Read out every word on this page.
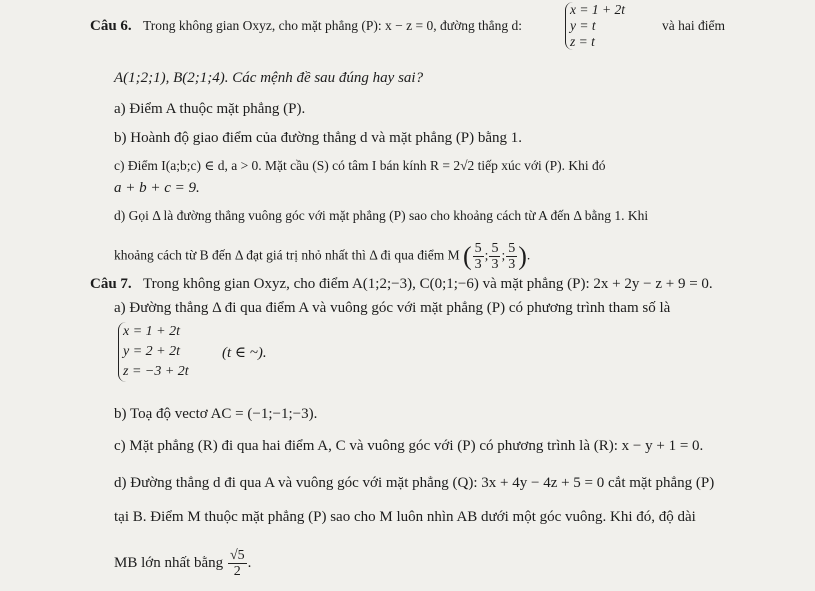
Câu 6. Trong không gian Oxyz, cho mặt phẳng (P): x − z = 0, đường thẳng d:
x = 1 + 2t
y = t
z = t
và hai điểm
A(1;2;1), B(2;1;4). Các mệnh đề sau đúng hay sai?
a) Điểm A thuộc mặt phẳng (P).
b) Hoành độ giao điểm của đường thẳng d và mặt phẳng (P) bằng 1.
c) Điểm I(a;b;c) ∈ d, a > 0. Mặt cầu (S) có tâm I bán kính R = 2√2 tiếp xúc với (P). Khi đó
a + b + c = 9.
d) Gọi Δ là đường thẳng vuông góc với mặt phẳng (P) sao cho khoảng cách từ A đến Δ bằng 1. Khi
khoảng cách từ B đến Δ đạt giá trị nhỏ nhất thì Δ đi qua điểm M ( $\frac{5}{3}$ ; $\frac{5}{3}$ ; $\frac{5}{3}$ ).
Câu 7. Trong không gian Oxyz, cho điểm A(1;2;−3), C(0;1;−6) và mặt phẳng (P): 2x + 2y − z + 9 = 0.
a) Đường thẳng Δ đi qua điểm A và vuông góc với mặt phẳng (P) có phương trình tham số là
x = 1 + 2t
y = 2 + 2t
z = −3 + 2t
(t ∈ ~).
b) Toạ độ vectơ AC = (−1;−1;−3).
c) Mặt phẳng (R) đi qua hai điểm A, C và vuông góc với (P) có phương trình là (R): x − y + 1 = 0.
d) Đường thẳng d đi qua A và vuông góc với mặt phẳng (Q): 3x + 4y − 4z + 5 = 0 cắt mặt phẳng (P)
tại B. Điểm M thuộc mặt phẳng (P) sao cho M luôn nhìn AB dưới một góc vuông. Khi đó, độ dài
MB lớn nhất bằng $\frac{√5}{2}$ .
